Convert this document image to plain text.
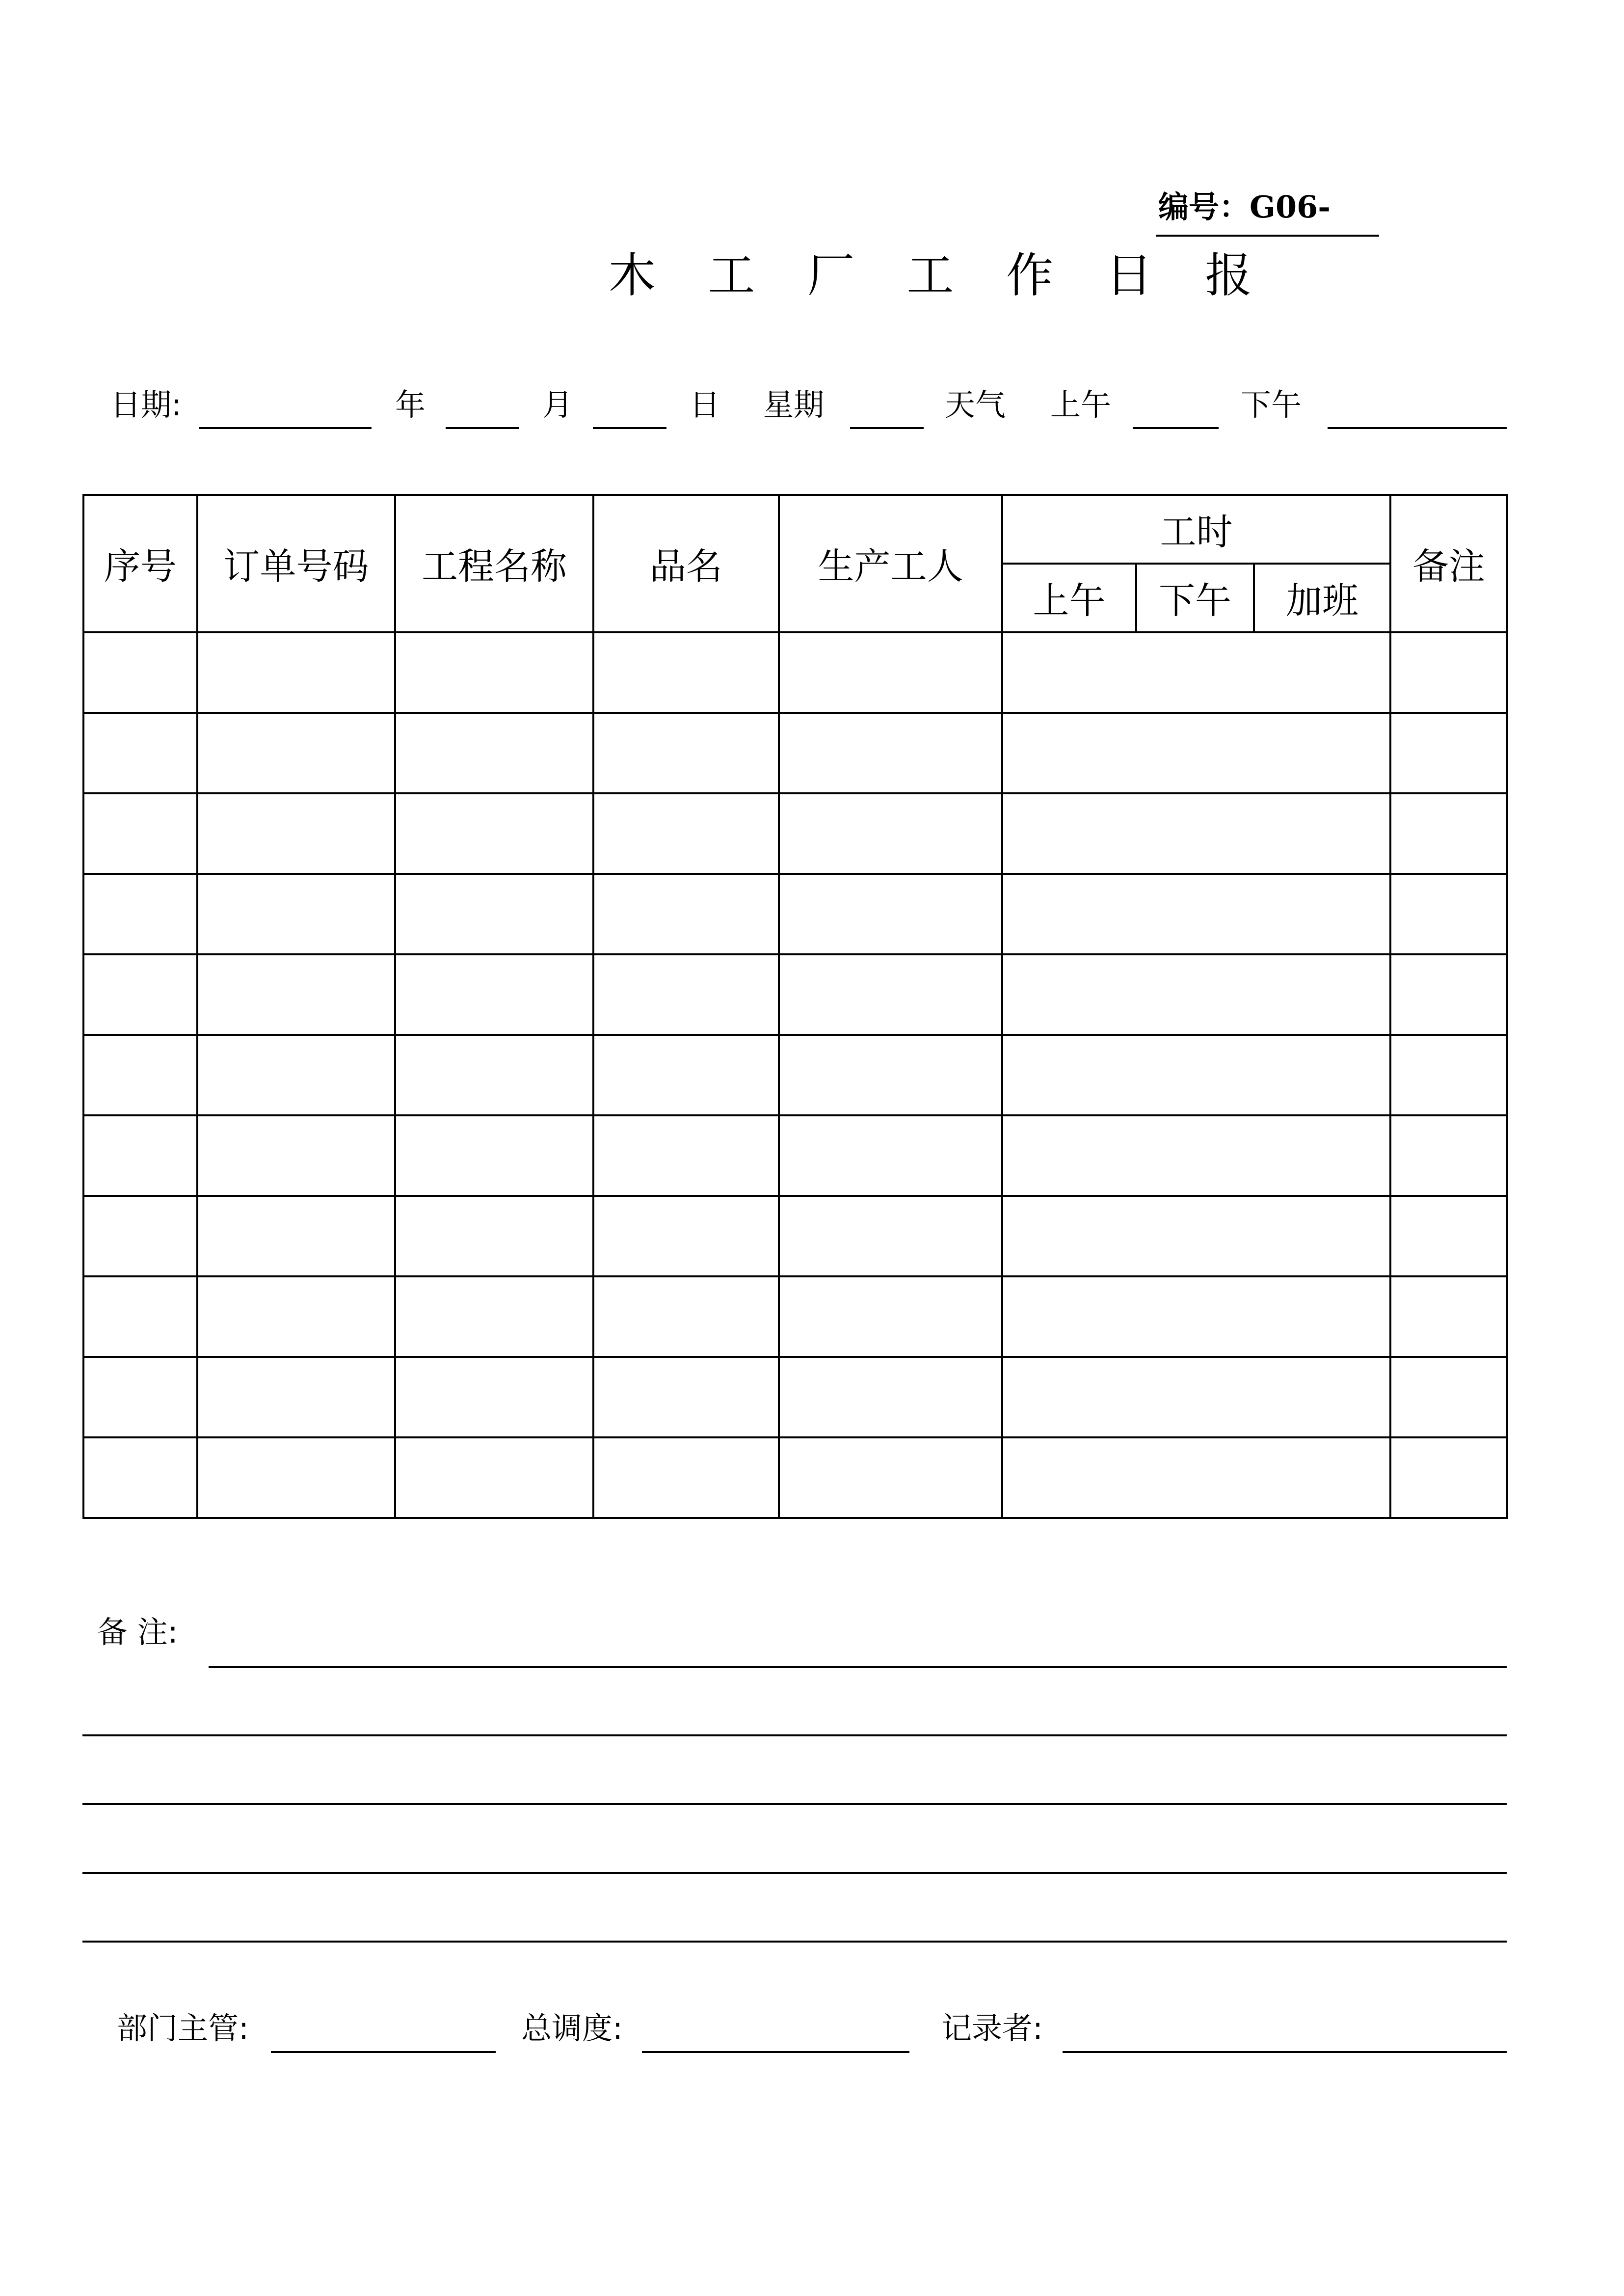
编号：G06-
木 工 厂 工 作 日 报
日期:	年	月	日 星期	天气 上午	下午
序号	订单号码	工程名称	品名	生产工人	工时			备注
					上午	下午	加班	

备 注:
部门主管:	总调度:	记录者:
